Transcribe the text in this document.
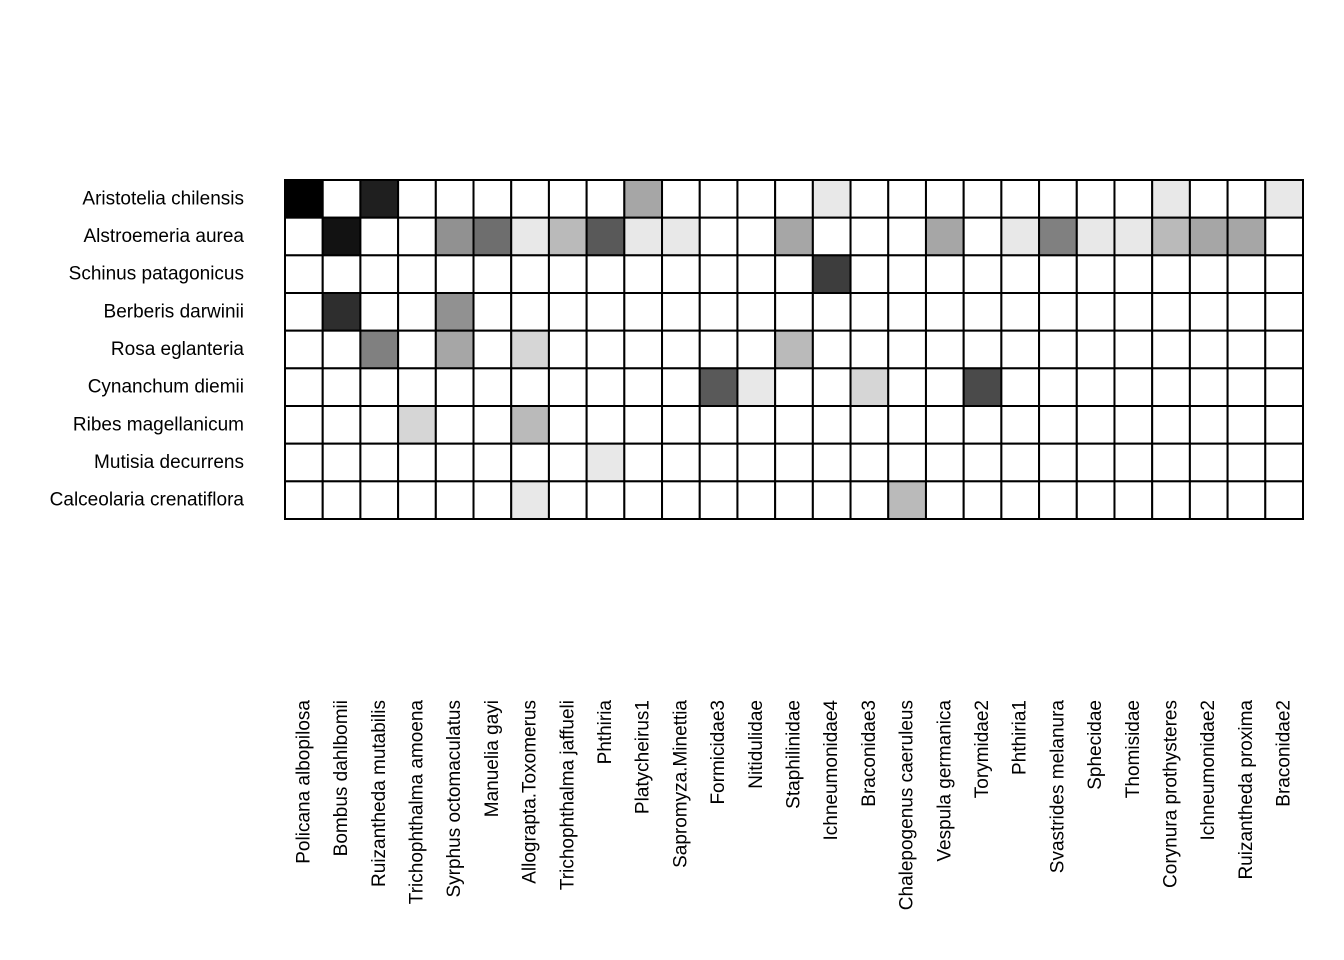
Aristotelia chilensis
Alstroemeria aurea
Schinus patagonicus
Berberis darwinii
Rosa eglanteria
Cynanchum diemii
Ribes magellanicum
Mutisia decurrens
Calceolaria crenatiflora
Policana albopilosa Bombus dahlbomii Ruizantheda mutabilis Trichophthalma amoena Syrphus octomaculatus Manuelia gayi Allograpta.Toxomerus Trichophthalma jaffueli Phthiria Platycheirus1 Sapromyza.Minettia Formicidae3 Nitidulidae Staphilinidae Ichneumonidae4 Braconidae3 Chalepogenus caeruleus Vespula germanica Torymidae2 Phthiria1 Svastrides melanura Sphecidae Thomisidae Corynura prothysteres Ichneumonidae2 Ruizantheda proxima Braconidae2
